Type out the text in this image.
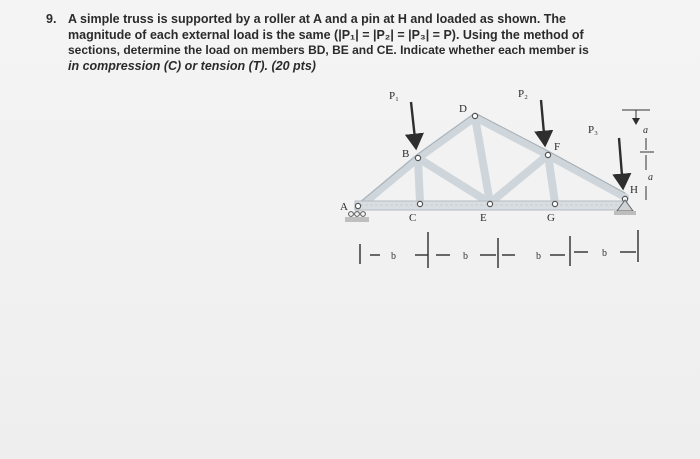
9. A simple truss is supported by a roller at A and a pin at H and loaded as shown. The
magnitude of each external load is the same (|P₁| = |P₂| = |P₃| = P). Using the method of
sections, determine the load on members BD, BE and CE. Indicate whether each member is
in compression (C) or tension (T). (20 pts)
P₁	P₂
P₃
A
B
C
D
E
F
G
H
a
a
b	b	b	b
